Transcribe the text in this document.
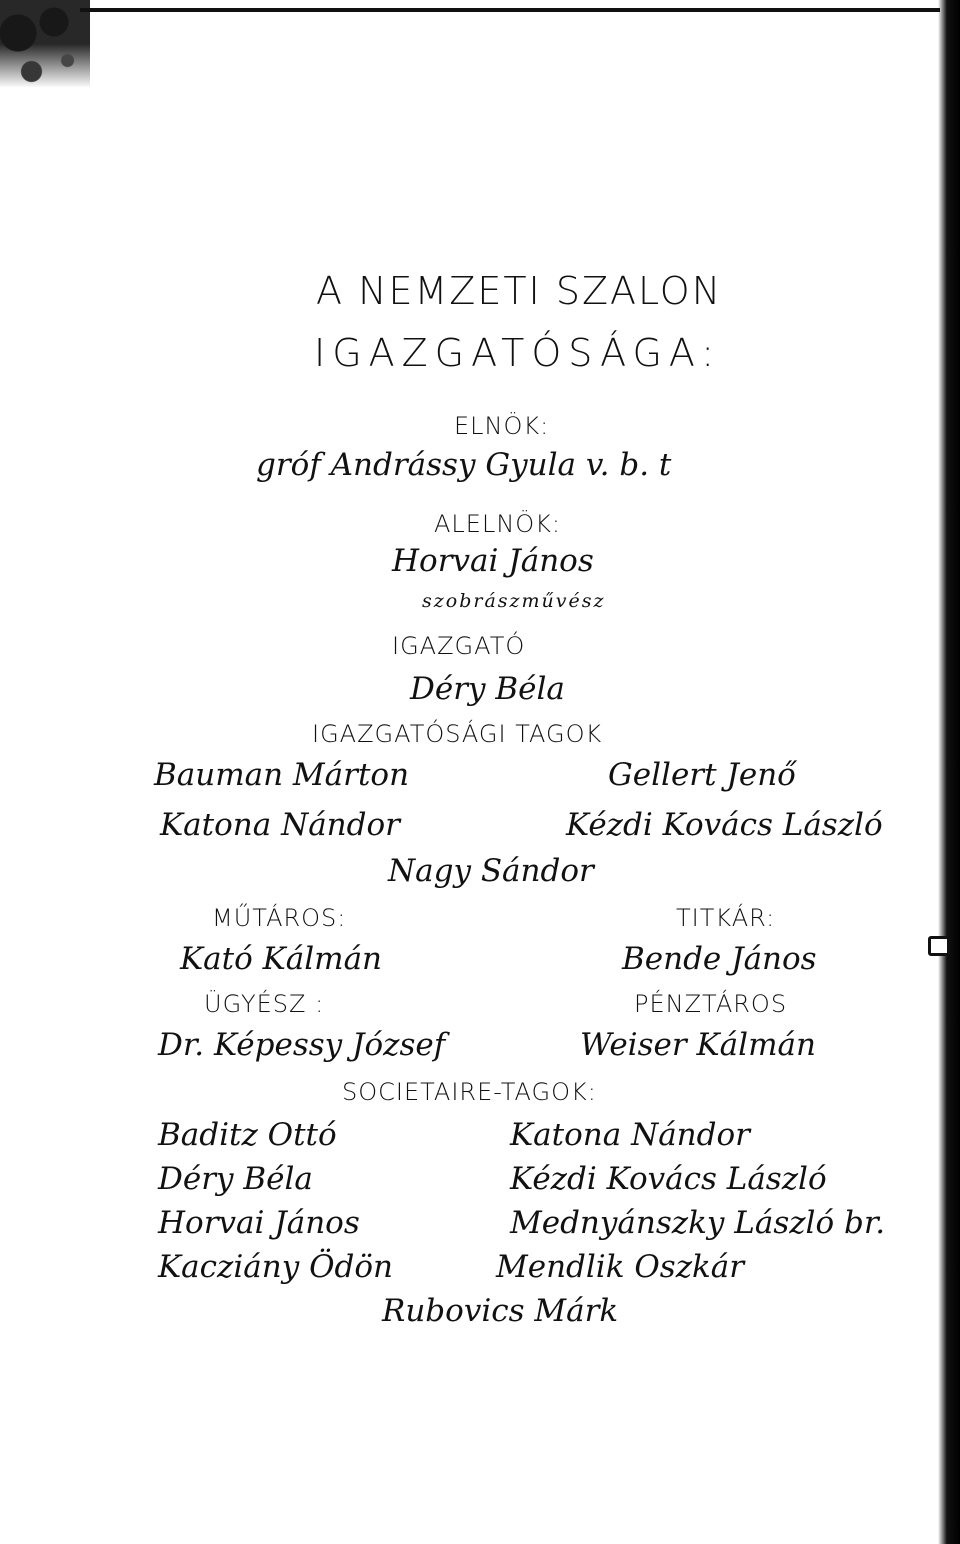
A NEMZETI SZALON
IGAZGATÓSÁGA:
ELNÖK:
gróf Andrássy Gyula v. b. t
ALELNÖK:
Horvai János
szobrászművész
IGAZGATÓ
Déry Béla
IGAZGATÓSÁGI TAGOK
Bauman Márton	Gellert Jenő
Katona Nándor	Kézdi Kovács László
Nagy Sándor
MŰTÁROS:	TITKÁR:
Kató Kálmán	Bende János
ÜGYÉSZ :	PÉNZTÁROS
Dr. Képessy József	Weiser Kálmán
SOCIETAIRE-TAGOK:
Baditz Ottó	Katona Nándor
Déry Béla	Kézdi Kovács László
Horvai János	Mednyánszky László br.
Kacziány Ödön	Mendlik Oszkár
Rubovics Márk
